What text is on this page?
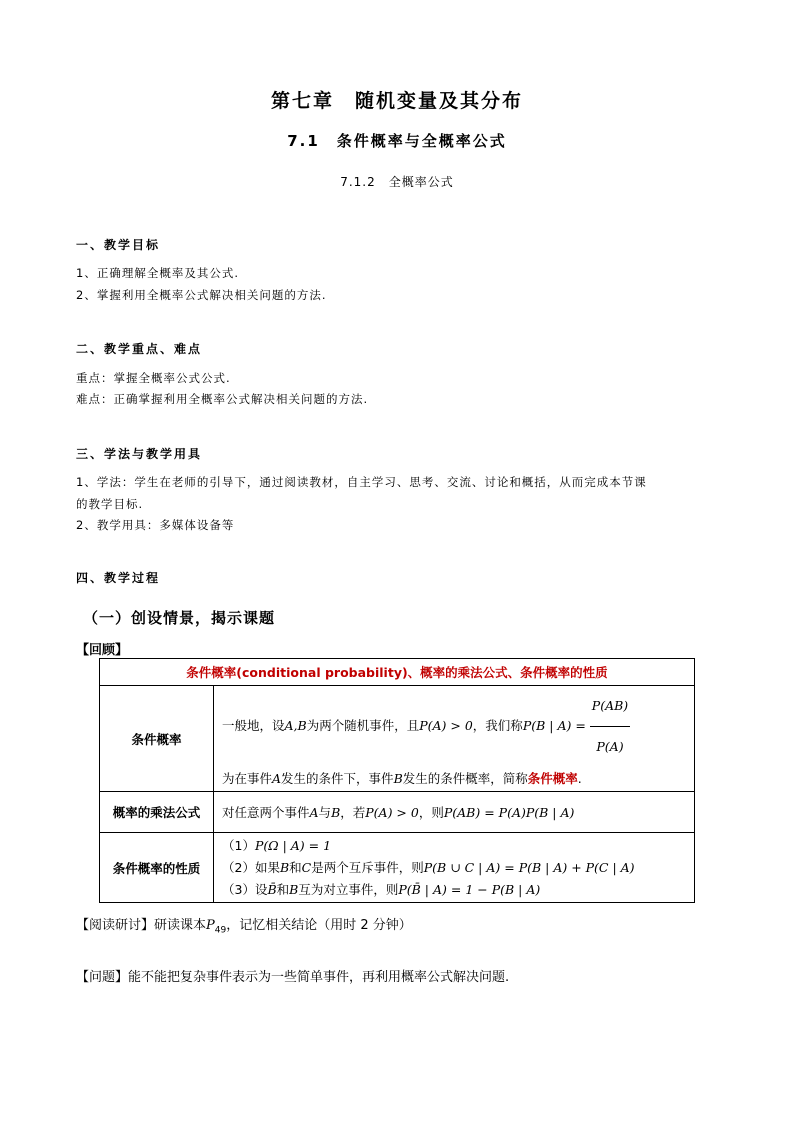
第七章　随机变量及其分布
7.1　条件概率与全概率公式
7.1.2　全概率公式
一、教学目标
1、正确理解全概率及其公式.
2、掌握利用全概率公式解决相关问题的方法.
二、教学重点、难点
重点：掌握全概率公式公式.
难点：正确掌握利用全概率公式解决相关问题的方法.
三、学法与教学用具
1、学法：学生在老师的引导下，通过阅读教材，自主学习、思考、交流、讨论和概括，从而完成本节课
的教学目标.
2、教学用具：多媒体设备等
四、教学过程
（一）创设情景，揭示课题
【回顾】
条件概率(conditional probability)、概率的乘法公式、条件概率的性质	
条件概率	一般地，设A,B为两个随机事件，且P(A) > 0，我们称P(B | $A) = \frac{P(AB)}{P(A)}$
为在事件A发生的条件下，事件B发生的条件概率，简称条件概率.

概率的乘法公式	对任意两个事件A与B，若P(A) > 0，则P(AB) = P(A)P(B | A)
条件概率的性质	（1）P(Ω | A) = 1
（2）如果B和C是两个互斥事件，则P(B ∪ C | A) = P(B | A) + P(C | A)
（3）设B̄和B互为对立事件，则P(B̄ | A) = 1 − P(B | A)
【阅读研讨】研读课本$P_{49}$，记忆相关结论（用时 2 分钟）
【问题】能不能把复杂事件表示为一些简单事件，再利用概率公式解决问题.
